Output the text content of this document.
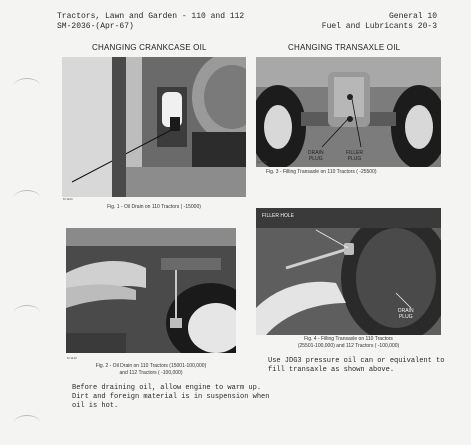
Tractors, Lawn and Garden - 110 and 112
SM-2036-(Apr-67)
General 10
Fuel and Lubricants 20-3
CHANGING CRANKCASE OIL	CHANGING TRANSAXLE OIL
M 1121
Fig. 1 - Oil Drain on 110 Tractors ( -15000)
DRAIN
PLUG
FILLER
PLUG
M 2088
Fig. 3 - Filling Transaxle on 110 Tractors ( -25500)
M 1122
Fig. 2 - Oil Drain on 110 Tractors (15001-100,000)
and 112 Tractors ( -100,000)
FILLER HOLE
DRAIN
PLUG
Fig. 4 - Filling Transaxle on 110 Tractors
(25501-100,000) and 112 Tractors ( -100,000)
Before draining oil, allow engine to warm up.
Dirt and foreign material is in suspension when
oil is hot.
Use JDG3 pressure oil can or equivalent to
fill transaxle as shown above.
